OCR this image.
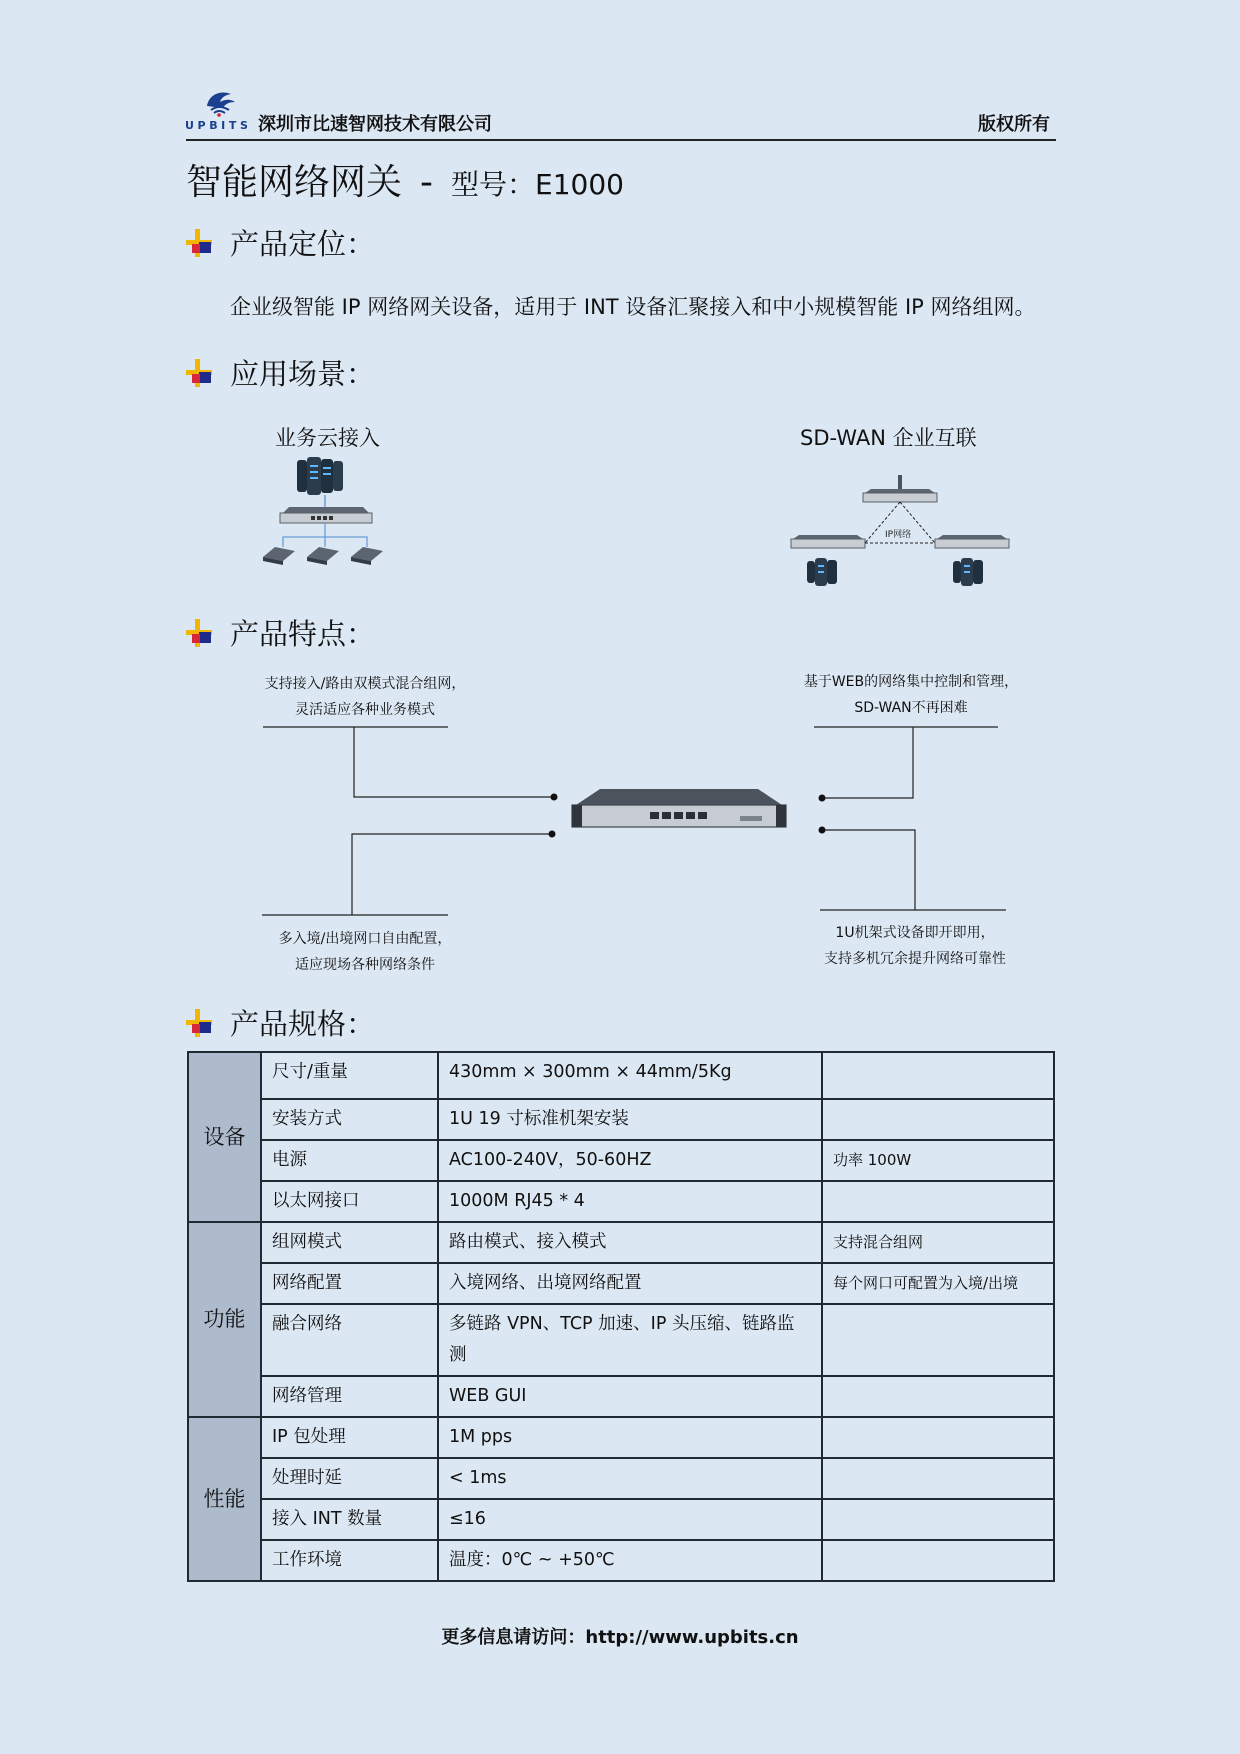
UPBITS 深圳市比速智网技术有限公司	版权所有
智能网络网关 - 型号：E1000
产品定位：
企业级智能 IP 网络网关设备，适用于 INT 设备汇聚接入和中小规模智能 IP 网络组网。
应用场景：
业务云接入	SD-WAN 企业互联
IP网络
产品特点：
支持接入/路由双模式混合组网，
灵活适应各种业务模式
基于WEB的网络集中控制和管理，
SD-WAN不再困难
多入境/出境网口自由配置，
适应现场各种网络条件
1U机架式设备即开即用，
支持多机冗余提升网络可靠性
产品规格：
设备	尺寸/重量	430mm × 300mm × 44mm/5Kg	
	安装方式	1U 19 寸标准机架安装	
	电源	AC100-240V，50-60HZ	功率 100W
	以太网接口	1000M RJ45 * 4	
功能	组网模式	路由模式、接入模式	支持混合组网
	网络配置	入境网络、出境网络配置	每个网口可配置为入境/出境
	融合网络	多链路 VPN、TCP 加速、IP 头压缩、链路监测	
	网络管理	WEB GUI	
性能	IP 包处理	1M pps	
	处理时延	< 1ms	
	接入 INT 数量	≤16	
	工作环境	温度：0℃ ~ +50℃	
更多信息请访问：http://www.upbits.cn
